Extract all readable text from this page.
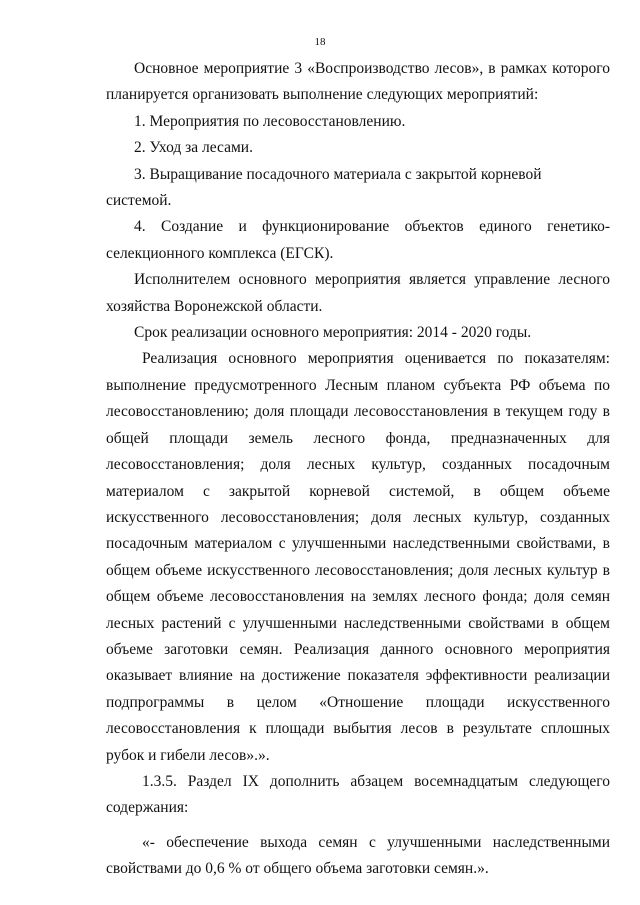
18

Основное мероприятие 3 «Воспроизводство лесов», в рамках которого планируется организовать выполнение следующих мероприятий:

1. Мероприятия по лесовосстановлению.

2. Уход за лесами.

3. Выращивание посадочного материала с закрытой корневой системой.

4. Создание и функционирование объектов единого генетико-селекционного комплекса (ЕГСК).

Исполнителем основного мероприятия является управление лесного хозяйства Воронежской области.

Срок реализации основного мероприятия: 2014 - 2020 годы.

Реализация основного мероприятия оценивается по показателям: выполнение предусмотренного Лесным планом субъекта РФ объема по лесовосстановлению; доля площади лесовосстановления в текущем году в общей площади земель лесного фонда, предназначенных для лесовосстановления; доля лесных культур, созданных посадочным материалом с закрытой корневой системой, в общем объеме искусственного лесовосстановления; доля лесных культур, созданных посадочным материалом с улучшенными наследственными свойствами, в общем объеме искусственного лесовосстановления; доля лесных культур в общем объеме лесовосстановления на землях лесного фонда; доля семян лесных растений с улучшенными наследственными свойствами в общем объеме заготовки семян. Реализация данного основного мероприятия оказывает влияние на достижение показателя эффективности реализации подпрограммы в целом «Отношение площади искусственного лесовосстановления к площади выбытия лесов в результате сплошных рубок и гибели лесов».».

1.3.5. Раздел IX дополнить абзацем восемнадцатым следующего содержания:

«- обеспечение выхода семян с улучшенными наследственными свойствами до 0,6 % от общего объема заготовки семян.».
